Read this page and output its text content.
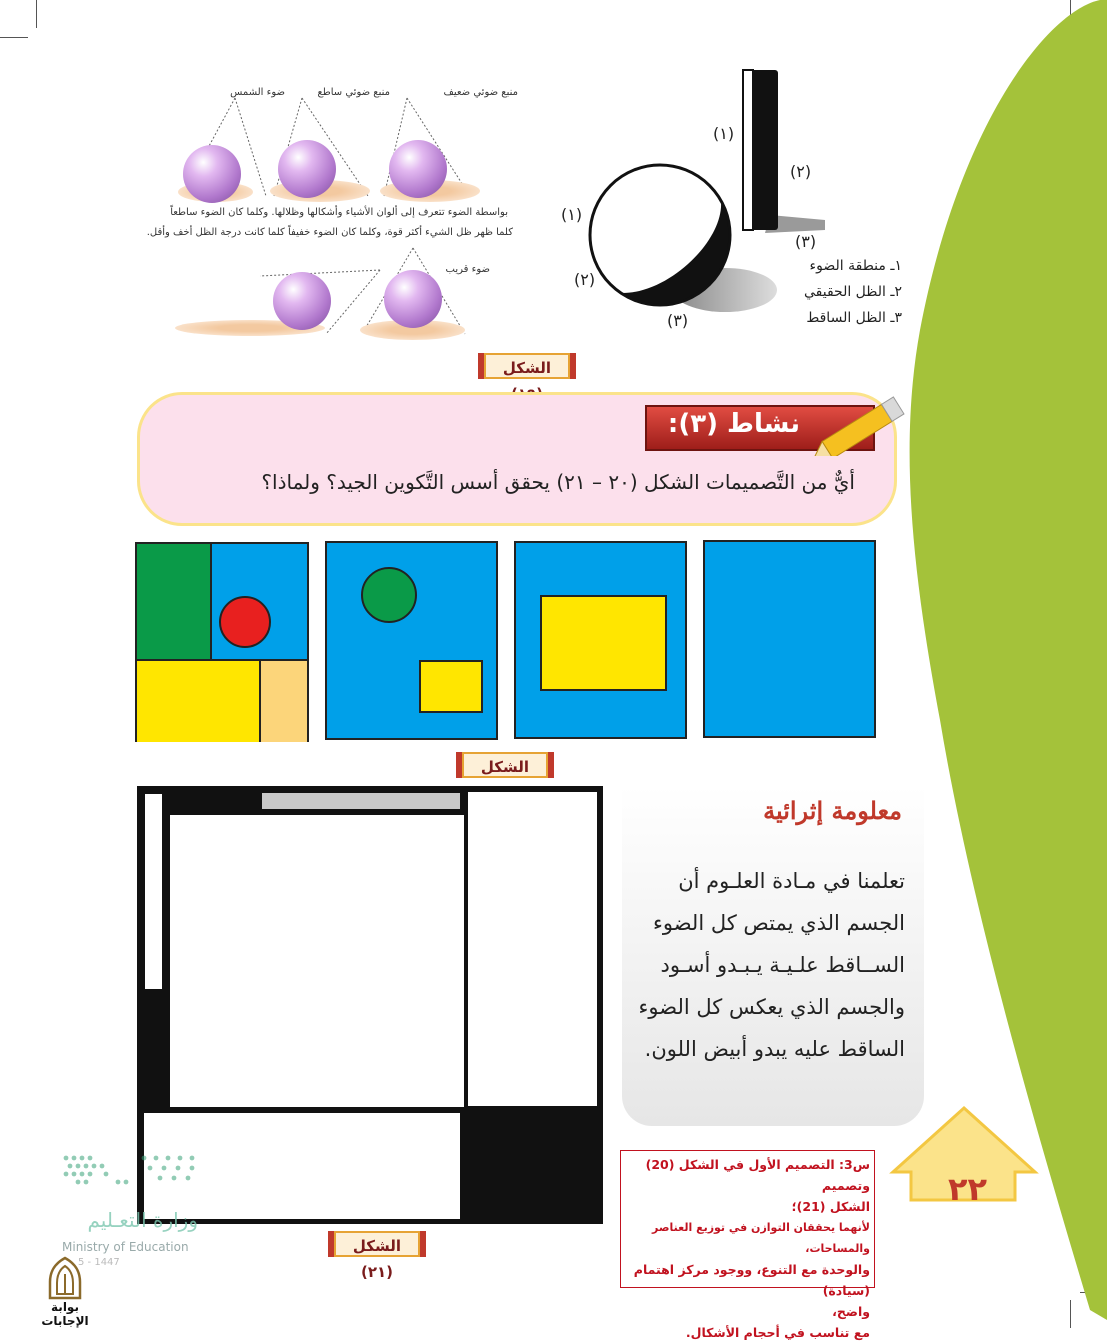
منبع ضوئي ضعيف
منبع ضوئي ساطع
ضوء الشمس
بواسطة الضوء تتعرف إلى ألوان الأشياء وأشكالها وظلالها. وكلما كان الضوء ساطعاً
كلما ظهر ظل الشيء أكثر قوة، وكلما كان الضوء خفيفاً كلما كانت درجة الظل أخف وأقل.
ضوء قريب
(١)
(٢)
(٣)
(١)
(٢)
(٣)
١ـ منطقة الضوء
٢ـ الظل الحقيقي
٣ـ الظل الساقط
الشكل
نشاط (٣):
أيٌّ من التَّصميمات الشكل (٢٠ – ٢١) يحقق أسس التَّكوين الجيد؟ ولماذا؟
الشكل
الشكل (٢١)
معلومة إثرائية
تعلمنا في مـادة العلـوم أن
الجسم الذي يمتص كل الضوء
الســاقط علـيـة يـبـدو أسـود
والجسم الذي يعكس كل الضوء
الساقط عليه يبدو أبيض اللون.
٢٢
س3: التصميم الأول في الشكل (20) وتصميم
الشكل (21)؛
لأنهما يحققان التوازن في توزيع العناصر والمساحات،
والوحدة مع التنوع، ووجود مركز اهتمام (سيادة)
واضح،
مع تناسب في أحجام الأشكال.
وزارة التعـليم
Ministry of Education
5 - 1447
بوابة الإجابات
